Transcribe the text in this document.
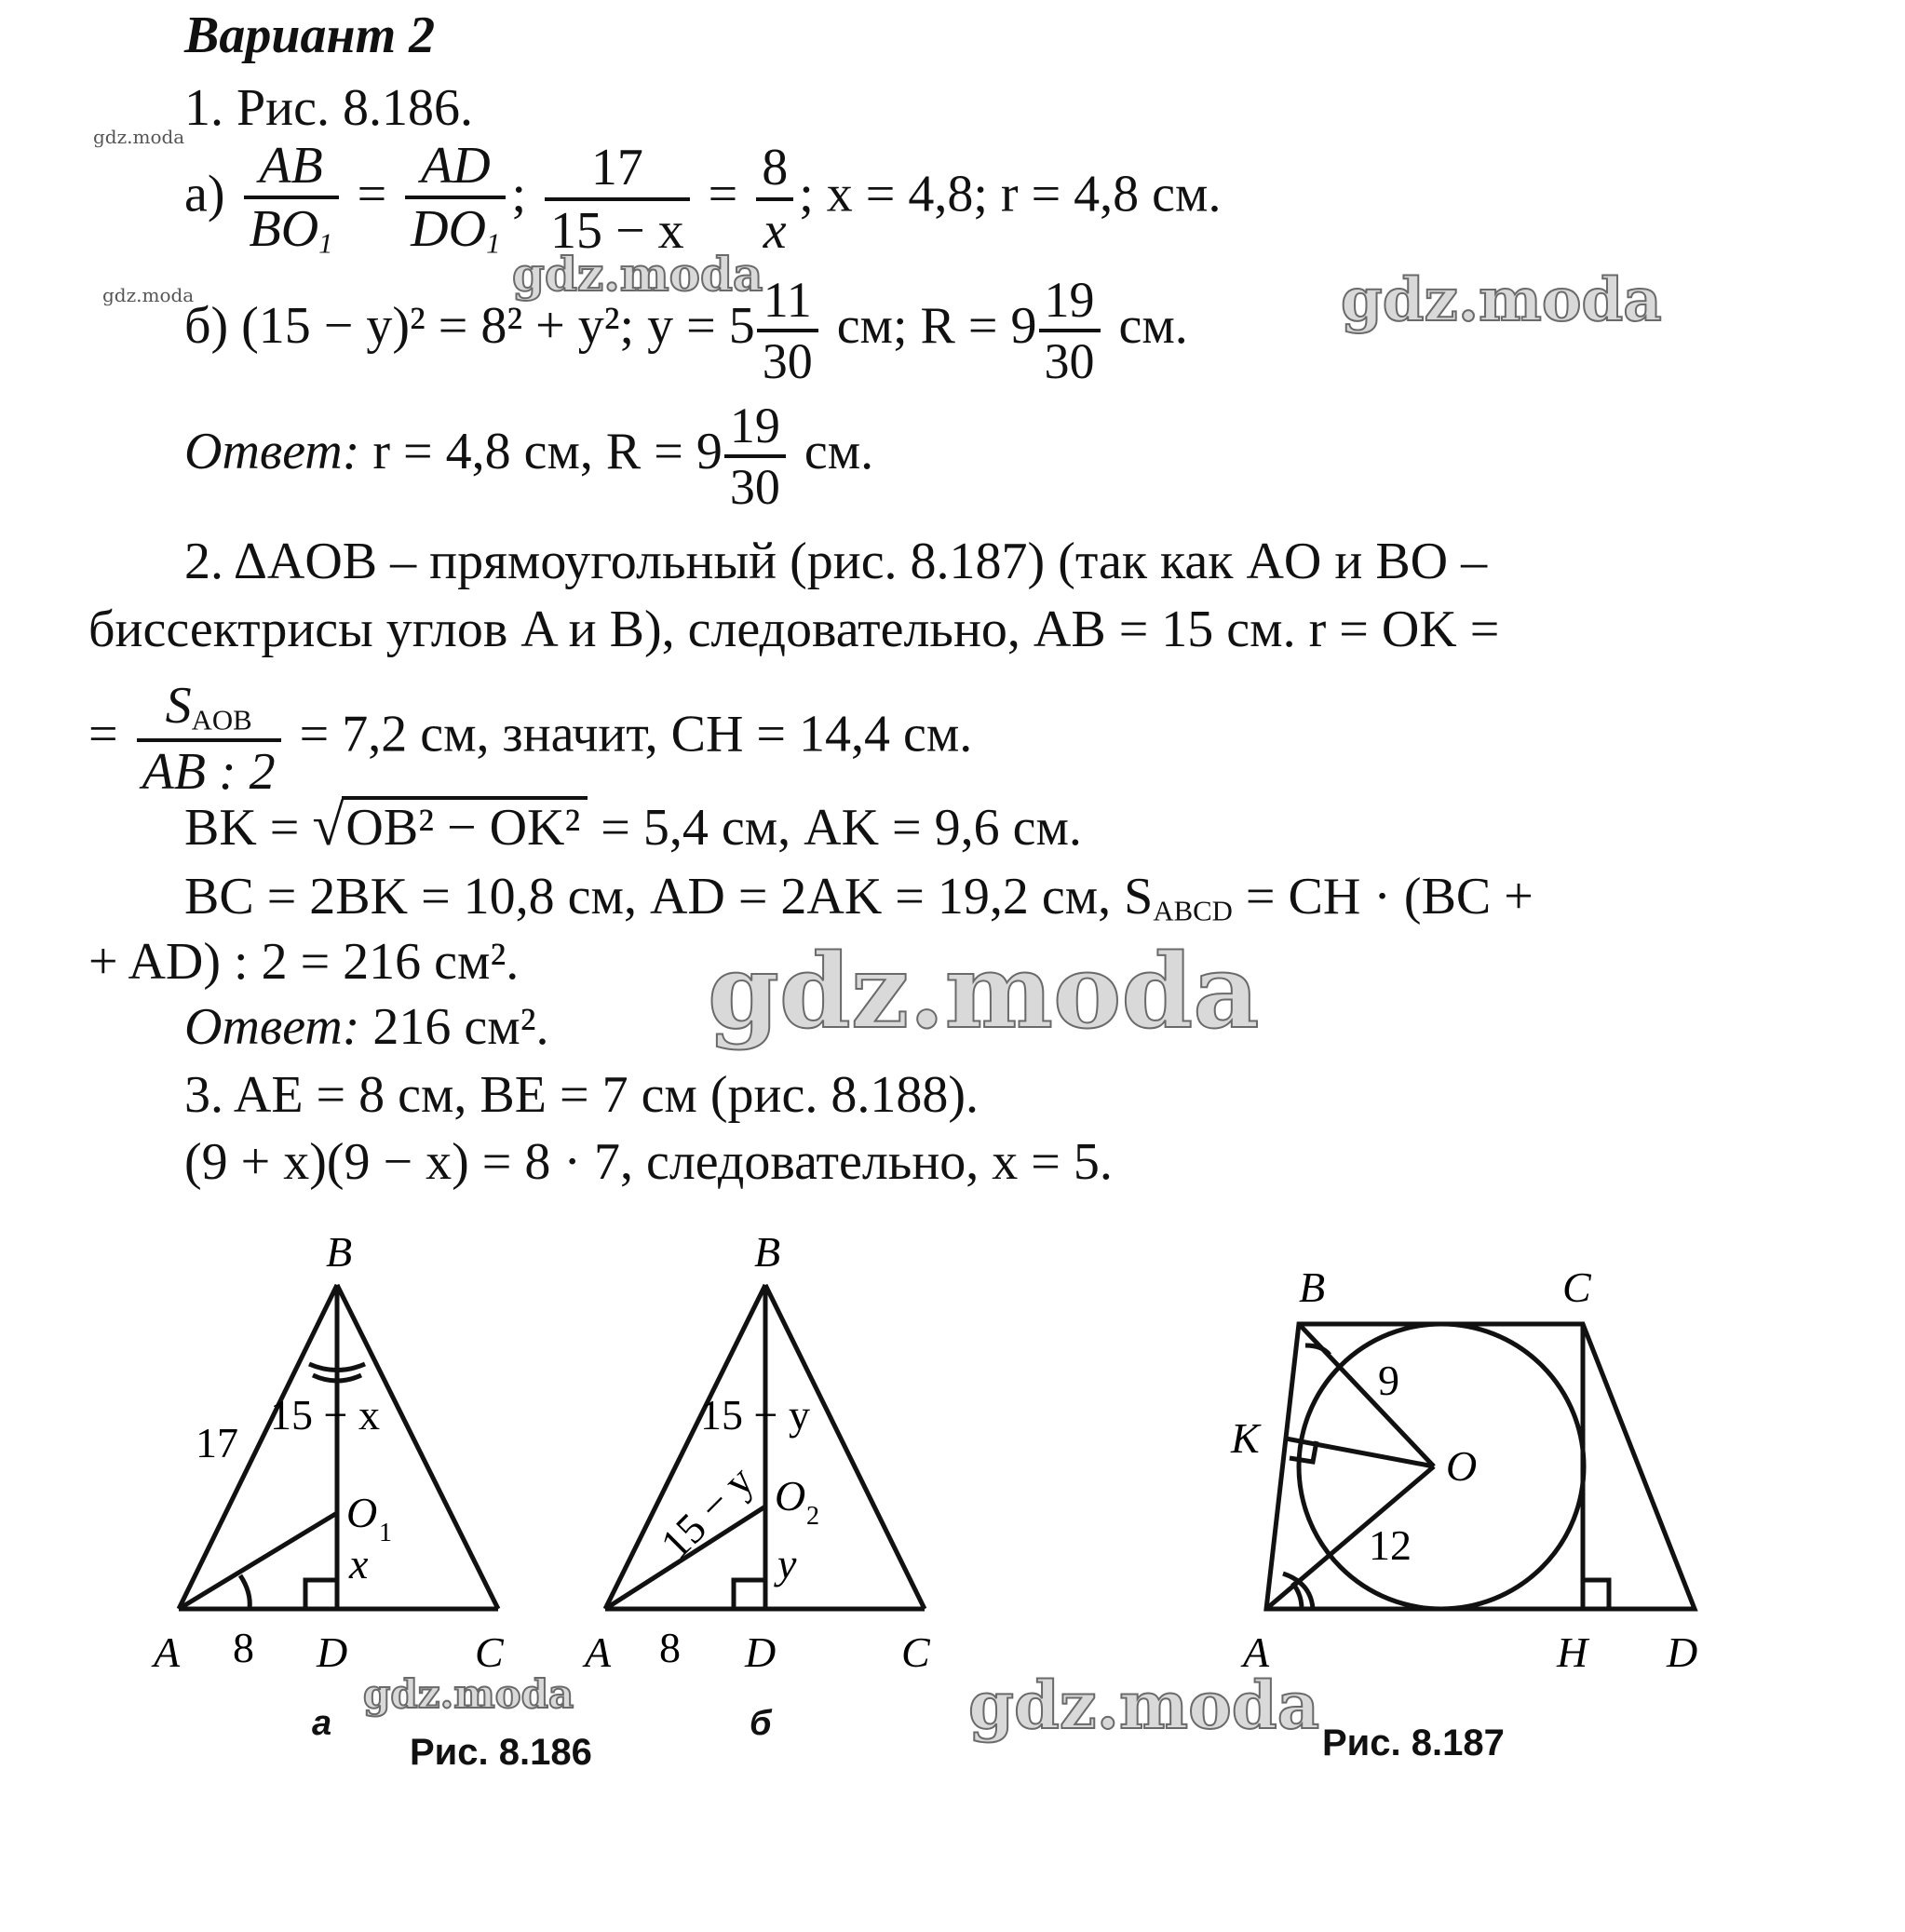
Вариант 2
1. Рис. 8.186.
$а) \frac{AB}{BO_1} = \frac{AD}{DO_1}$ ; $\frac{17}{15 - x} = \frac{8}{x}$ ; x = 4,8; r = 4,8 см.
б) (15 − y)² = 8² + y²; $y = 5 \frac{11}{30}$ см; $R = 9 \frac{19}{30}$ см.
Ответ: r = 4,8 см, $R = 9 \frac{19}{30}$ см.
2. ΔAOB – прямоугольный (рис. 8.187) (так как AO и BO –
биссектрисы углов A и B), следовательно, AB = 15 см. r = OK =
= $\frac{S_{AOB}}{AB : 2} = 7,2$ см, значит, CH = 14,4 см.
BK = √OB² − OK² = 5,4 см, AK = 9,6 см.
BC = 2BK = 10,8 см, AD = 2AK = 19,2 см, $S_{ABCD}$ = CH · (BC +
+ AD) : 2 = 216 см².
Ответ: 216 см².
3. AE = 8 см, BE = 7 см (рис. 8.188).
(9 + x)(9 − x) = 8 · 7, следовательно, x = 5.
B
A	D	C
O 1
17
15 − x
x
8
B
A	D	C
O 2
15 − y
15 − y y
8
B	C
A	H D
K
O
9
12
а	б
Рис. 8.186	Рис. 8.187
gdz.moda
gdz.moda	gdz.moda	gdz.moda
gdz.moda
gdz.moda	gdz.moda
